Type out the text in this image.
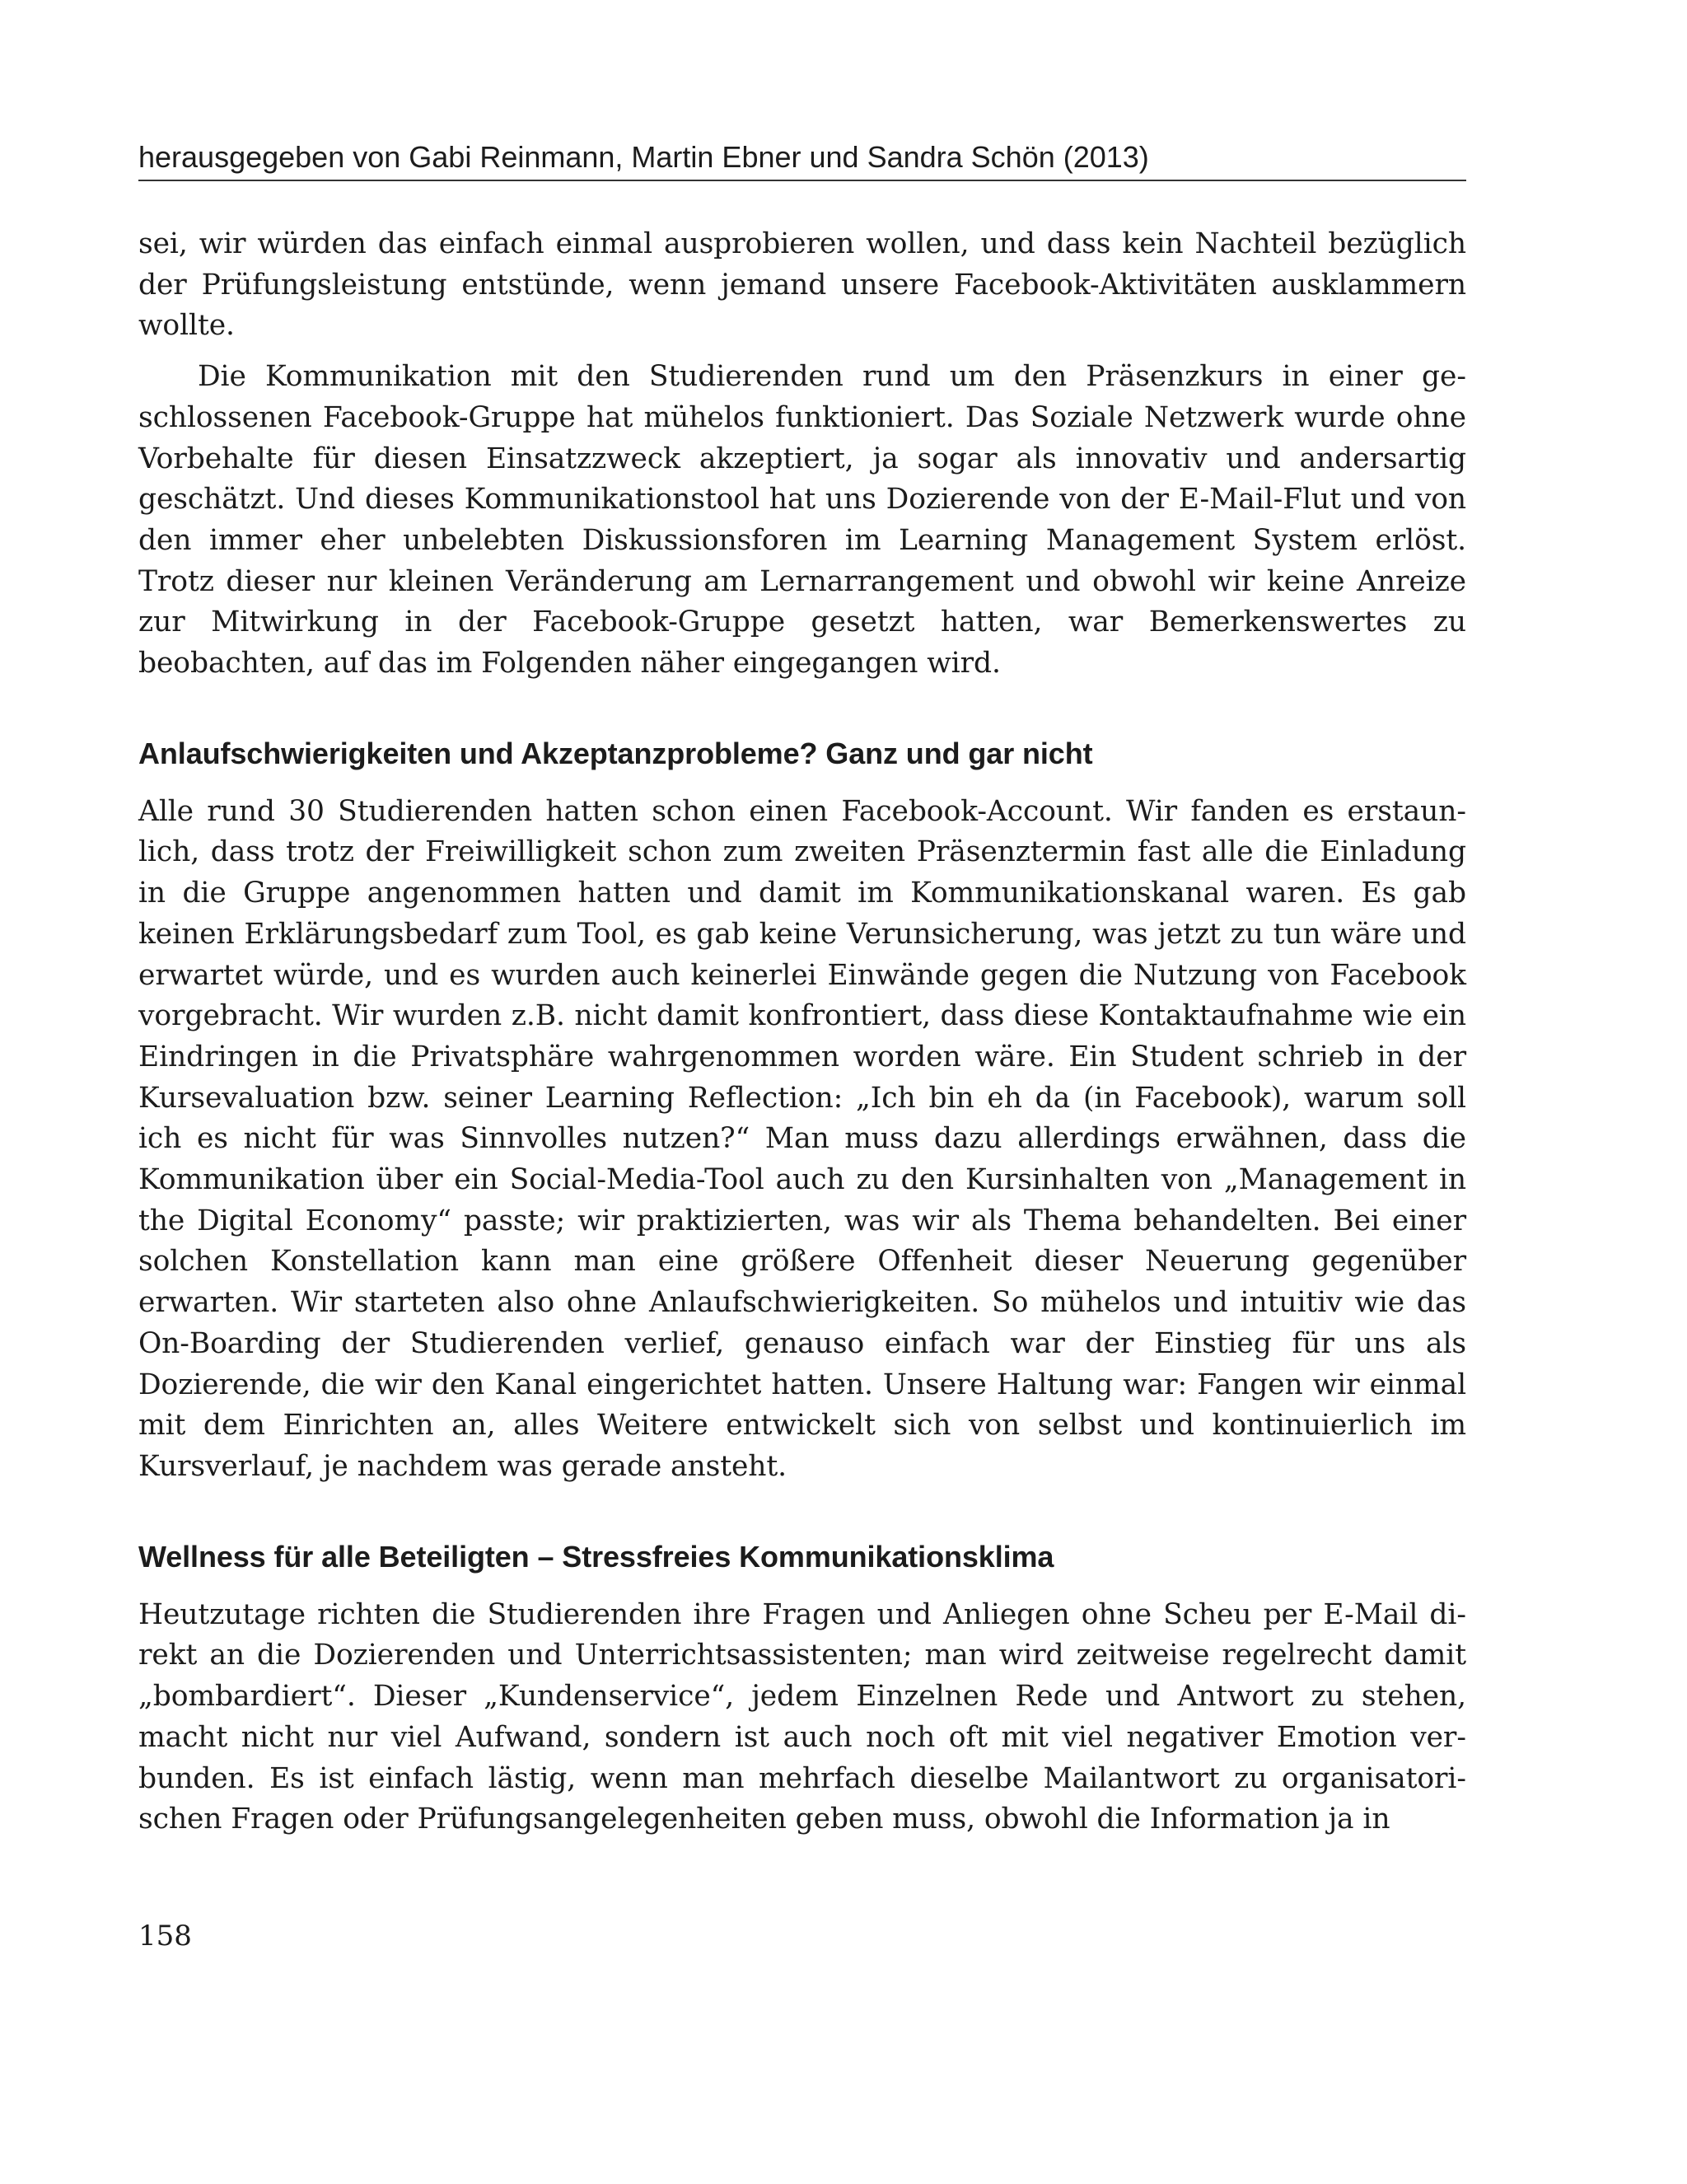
herausgegeben von Gabi Reinmann, Martin Ebner und Sandra Schön (2013)

sei, wir würden das einfach einmal ausprobieren wollen, und dass kein Nachteil bezüglich der Prüfungsleistung entstünde, wenn jemand unsere Facebook-Aktivitäten ausklammern wollte.

Die Kommunikation mit den Studierenden rund um den Präsenzkurs in einer geschlossenen Facebook-Gruppe hat mühelos funktioniert. Das Soziale Netzwerk wurde ohne Vorbehalte für diesen Einsatzzweck akzeptiert, ja sogar als innovativ und andersartig geschätzt. Und dieses Kommunikationstool hat uns Dozierende von der E-Mail-Flut und von den immer eher unbelebten Diskussionsforen im Learning Management System erlöst. Trotz dieser nur kleinen Veränderung am Lernarrangement und obwohl wir keine Anreize zur Mitwirkung in der Facebook-Gruppe gesetzt hatten, war Bemerkenswertes zu beobachten, auf das im Folgenden näher eingegangen wird.

Anlaufschwierigkeiten und Akzeptanzprobleme? Ganz und gar nicht

Alle rund 30 Studierenden hatten schon einen Facebook-Account. Wir fanden es erstaunlich, dass trotz der Freiwilligkeit schon zum zweiten Präsenztermin fast alle die Einladung in die Gruppe angenommen hatten und damit im Kommunikationskanal waren. Es gab keinen Erklärungsbedarf zum Tool, es gab keine Verunsicherung, was jetzt zu tun wäre und erwartet würde, und es wurden auch keinerlei Einwände gegen die Nutzung von Facebook vorgebracht. Wir wurden z.B. nicht damit konfrontiert, dass diese Kontaktaufnahme wie ein Eindringen in die Privatsphäre wahrgenommen worden wäre. Ein Student schrieb in der Kursevaluation bzw. seiner Learning Reflection: „Ich bin eh da (in Facebook), warum soll ich es nicht für was Sinnvolles nutzen?“ Man muss dazu allerdings erwähnen, dass die Kommunikation über ein Social-Media-Tool auch zu den Kursinhalten von „Management in the Digital Economy“ passte; wir praktizierten, was wir als Thema behandelten. Bei einer solchen Konstellation kann man eine größere Offenheit dieser Neuerung gegenüber erwarten. Wir starteten also ohne Anlaufschwierigkeiten. So mühelos und intuitiv wie das On-Boarding der Studierenden verlief, genauso einfach war der Einstieg für uns als Dozierende, die wir den Kanal eingerichtet hatten. Unsere Haltung war: Fangen wir einmal mit dem Einrichten an, alles Weitere entwickelt sich von selbst und kontinuierlich im Kursverlauf, je nachdem was gerade ansteht.

Wellness für alle Beteiligten – Stressfreies Kommunikationsklima

Heutzutage richten die Studierenden ihre Fragen und Anliegen ohne Scheu per E-Mail direkt an die Dozierenden und Unterrichtsassistenten; man wird zeitweise regelrecht damit „bombardiert“. Dieser „Kundenservice“, jedem Einzelnen Rede und Antwort zu stehen, macht nicht nur viel Aufwand, sondern ist auch noch oft mit viel negativer Emotion verbunden. Es ist einfach lästig, wenn man mehrfach dieselbe Mailantwort zu organisatorischen Fragen oder Prüfungsangelegenheiten geben muss, obwohl die Information ja in

158
